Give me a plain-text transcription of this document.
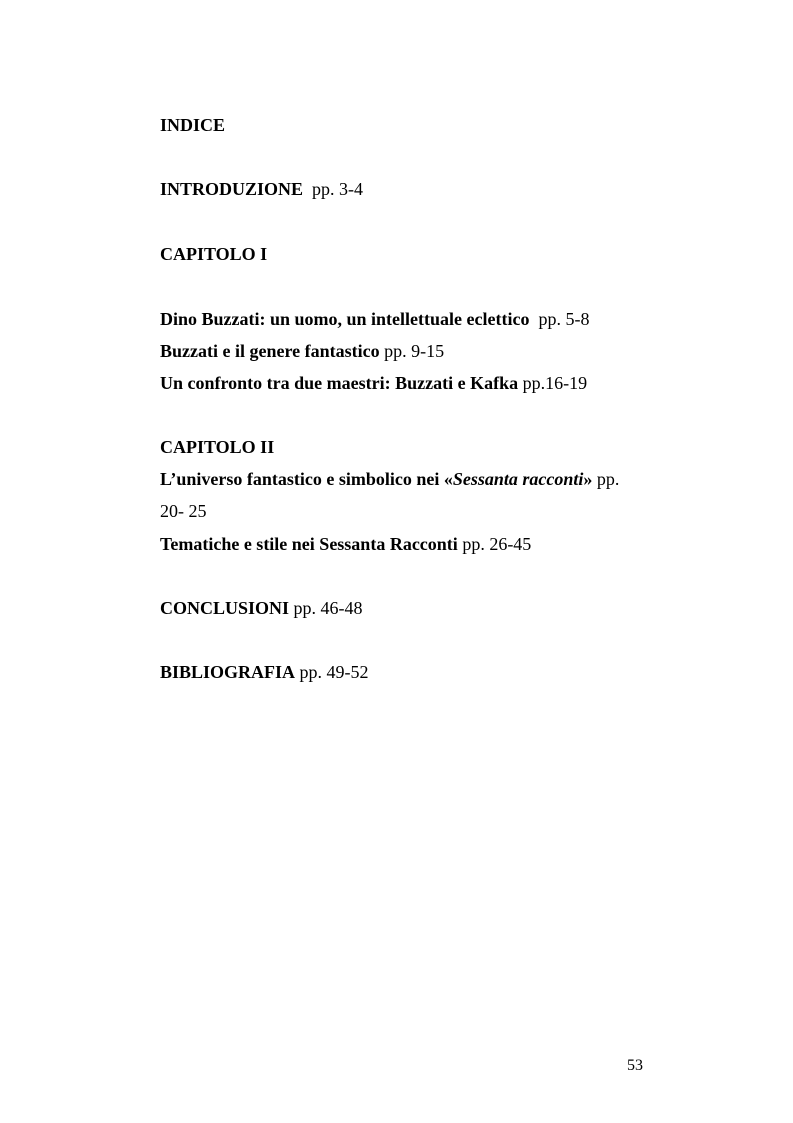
INDICE
INTRODUZIONE pp. 3-4
CAPITOLO I
Dino Buzzati: un uomo, un intellettuale eclettico pp. 5-8
Buzzati e il genere fantastico pp. 9-15
Un confronto tra due maestri: Buzzati e Kafka pp.16-19
CAPITOLO II
L’universo fantastico e simbolico nei «Sessanta racconti» pp.
20- 25
Tematiche e stile nei Sessanta Racconti pp. 26-45
CONCLUSIONI pp. 46-48
BIBLIOGRAFIA pp. 49-52
53
